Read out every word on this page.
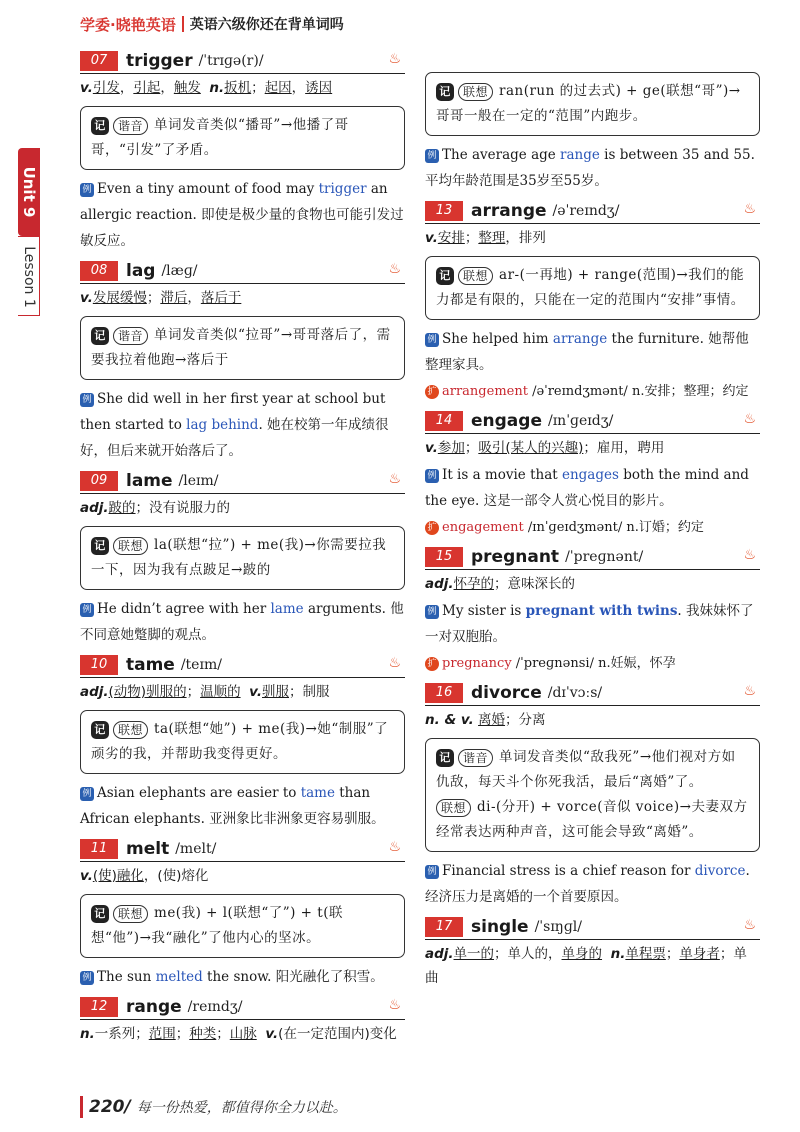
学委·晓艳英语 英语六级你还在背单词吗
Unit 9
Lesson 1
07	trigger /ˈtrɪɡə(r)/	♨
v.引发，引起，触发 n.扳机；起因，诱因
记 谐音 单词发音类似“播哥”→他播了哥哥，“引发”了矛盾。
例 Even a tiny amount of food may trigger an allergic reaction. 即使是极少量的食物也可能引发过敏反应。
08	lag /læɡ/	♨
v.发展缓慢；滞后，落后于
记 谐音 单词发音类似“拉哥”→哥哥落后了，需要我拉着他跑→落后于
例 She did well in her first year at school but then started to lag behind. 她在校第一年成绩很好，但后来就开始落后了。
09	lame /leɪm/	♨
adj.跛的；没有说服力的
记 联想 la(联想“拉”) + me(我)→你需要拉我一下，因为我有点跛足→跛的
例 He didn’t agree with her lame arguments. 他不同意她蹩脚的观点。
10	tame /teɪm/	♨
adj.(动物)驯服的；温顺的 v.驯服；制服
记 联想 ta(联想“她”) + me(我)→她“制服”了顽劣的我，并帮助我变得更好。
例 Asian elephants are easier to tame than African elephants. 亚洲象比非洲象更容易驯服。
11	melt /melt/	♨
v.(使)融化，(使)熔化
记 联想 me(我) + l(联想“了”) + t(联想“他”)→我“融化”了他内心的坚冰。
例 The sun melted the snow. 阳光融化了积雪。
12	range /reɪndʒ/	♨
n.一系列；范围；种类；山脉 v.(在一定范围内)变化
记 联想 ran(run 的过去式) + ge(联想“哥”)→哥哥一般在一定的“范围”内跑步。
例 The average age range is between 35 and 55. 平均年龄范围是35岁至55岁。
13	arrange /əˈreɪndʒ/	♨
v.安排；整理，排列
记 联想 ar-(一再地) + range(范围)→我们的能力都是有限的，只能在一定的范围内“安排”事情。
例 She helped him arrange the furniture. 她帮他整理家具。
扩 arrangement /əˈreɪndʒmənt/ n.安排；整理；约定
14	engage /ɪnˈɡeɪdʒ/	♨
v.参加；吸引(某人的兴趣)；雇用，聘用
例 It is a movie that engages both the mind and the eye. 这是一部令人赏心悦目的影片。
扩 engagement /ɪnˈɡeɪdʒmənt/ n.订婚；约定
15	pregnant /ˈpreɡnənt/	♨
adj.怀孕的；意味深长的
例 My sister is pregnant with twins. 我妹妹怀了一对双胞胎。
扩 pregnancy /ˈpreɡnənsi/ n.妊娠，怀孕
16	divorce /dɪˈvɔːs/	♨
n. & v. 离婚；分离
记 谐音 单词发音类似“敌我死”→他们视对方如仇敌，每天斗个你死我活，最后“离婚”了。
联想 di-(分开) + vorce(音似 voice)→夫妻双方经常表达两种声音，这可能会导致“离婚”。
例 Financial stress is a chief reason for divorce. 经济压力是离婚的一个首要原因。
17	single /ˈsɪŋɡl/	♨
adj.单一的；单人的，单身的 n.单程票；单身者；单曲
220/ 每一份热爱，都值得你全力以赴。
